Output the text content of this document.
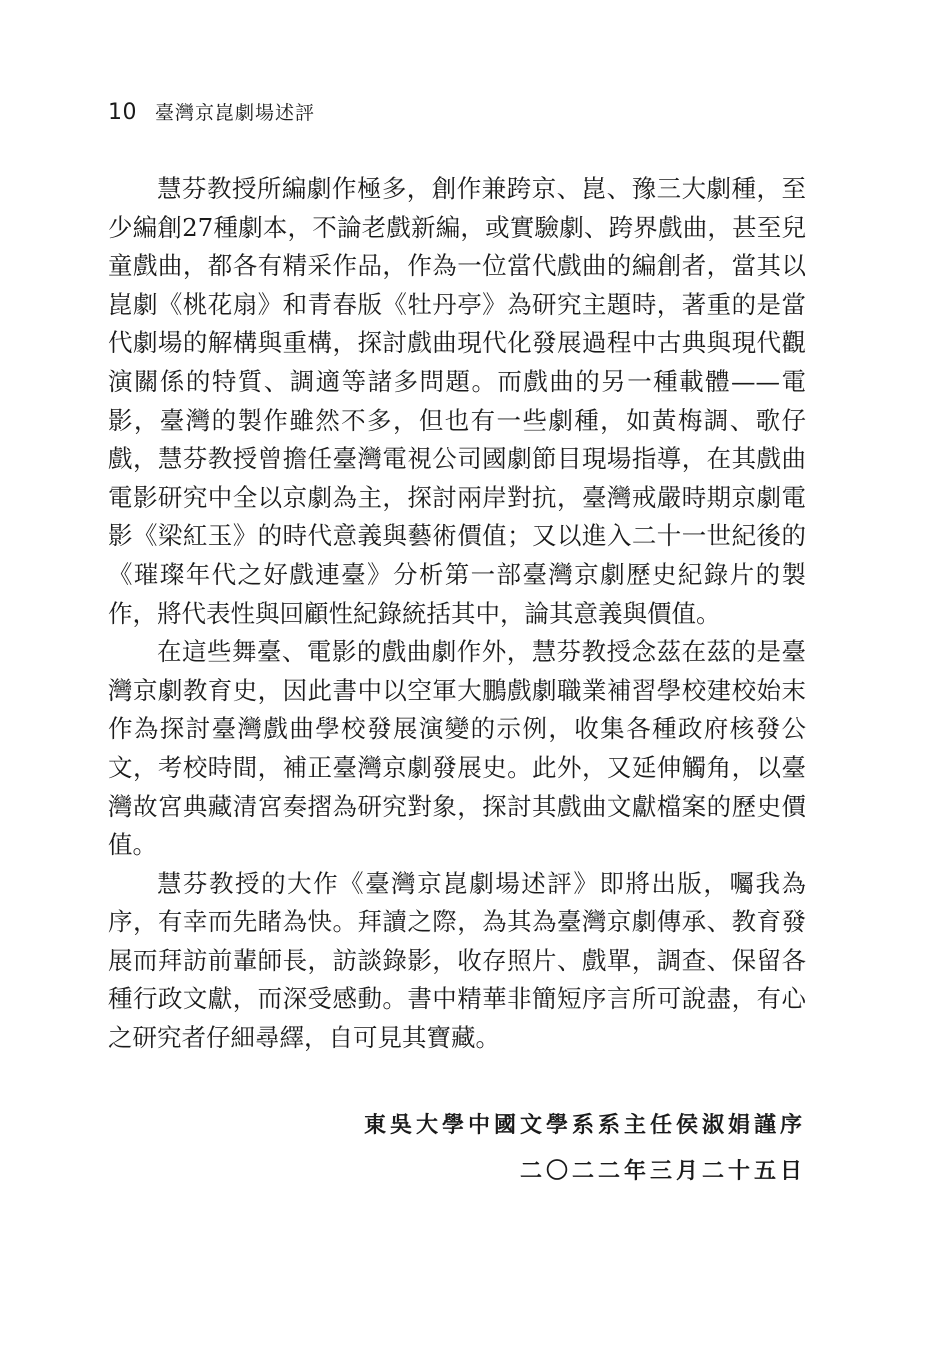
10 臺灣京崑劇場述評

慧芬教授所編劇作極多，創作兼跨京、崑、豫三大劇種，至少編創27種劇本，不論老戲新編，或實驗劇、跨界戲曲，甚至兒童戲曲，都各有精采作品，作為一位當代戲曲的編創者，當其以崑劇《桃花扇》和青春版《牡丹亭》為研究主題時，著重的是當代劇場的解構與重構，探討戲曲現代化發展過程中古典與現代觀演關係的特質、調適等諸多問題。而戲曲的另一種載體——電影，臺灣的製作雖然不多，但也有一些劇種，如黃梅調、歌仔戲，慧芬教授曾擔任臺灣電視公司國劇節目現場指導，在其戲曲電影研究中全以京劇為主，探討兩岸對抗，臺灣戒嚴時期京劇電影《梁紅玉》的時代意義與藝術價值；又以進入二十一世紀後的《璀璨年代之好戲連臺》分析第一部臺灣京劇歷史紀錄片的製作，將代表性與回顧性紀錄統括其中，論其意義與價值。

在這些舞臺、電影的戲曲劇作外，慧芬教授念茲在茲的是臺灣京劇教育史，因此書中以空軍大鵬戲劇職業補習學校建校始末作為探討臺灣戲曲學校發展演變的示例，收集各種政府核發公文，考校時間，補正臺灣京劇發展史。此外，又延伸觸角，以臺灣故宮典藏清宮奏摺為研究對象，探討其戲曲文獻檔案的歷史價值。

慧芬教授的大作《臺灣京崑劇場述評》即將出版，囑我為序，有幸而先睹為快。拜讀之際，為其為臺灣京劇傳承、教育發展而拜訪前輩師長，訪談錄影，收存照片、戲單，調查、保留各種行政文獻，而深受感動。書中精華非簡短序言所可說盡，有心之研究者仔細尋繹，自可見其寶藏。

東吳大學中國文學系系主任侯淑娟謹序
二〇二二年三月二十五日
